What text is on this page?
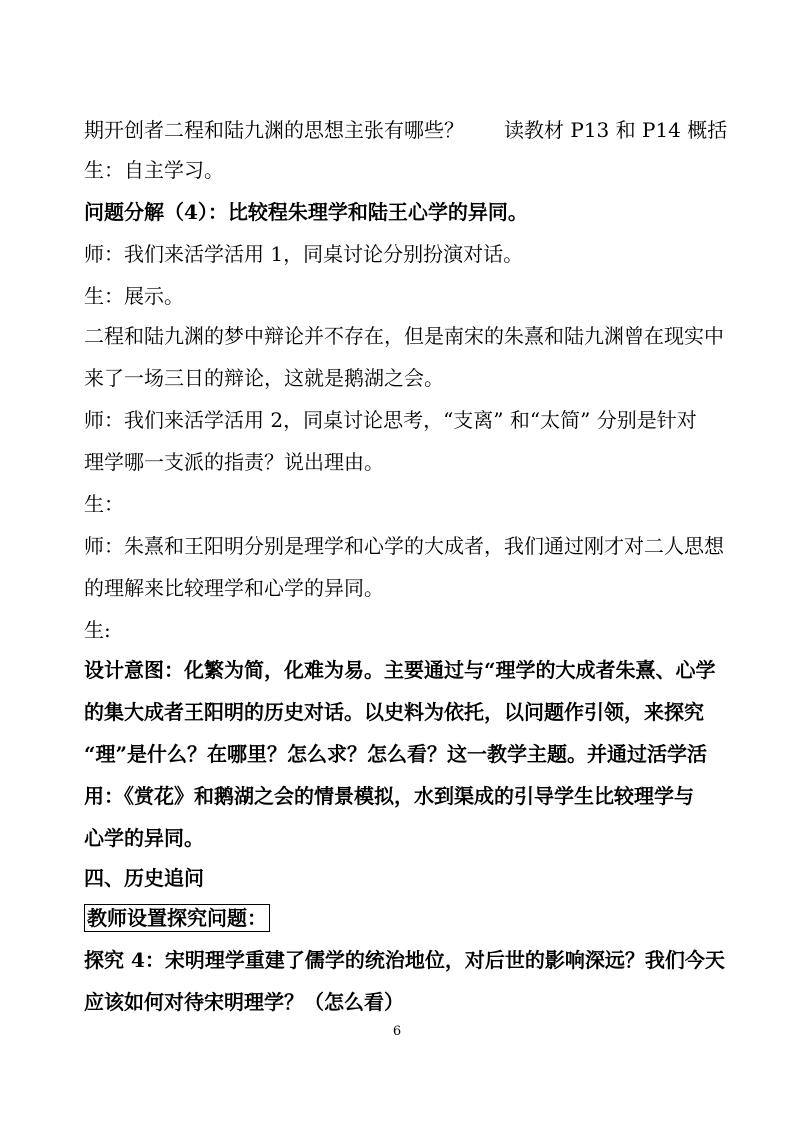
期开创者二程和陆九渊的思想主张有哪些？ 读教材 P13 和 P14 概括
生：自主学习。
问题分解（4）：比较程朱理学和陆王心学的异同。
师：我们来活学活用 1，同桌讨论分别扮演对话。
生：展示。
二程和陆九渊的梦中辩论并不存在，但是南宋的朱熹和陆九渊曾在现实中
来了一场三日的辩论，这就是鹅湖之会。
师：我们来活学活用 2，同桌讨论思考，“支离” 和“太简” 分别是针对
理学哪一支派的指责？说出理由。
生：
师：朱熹和王阳明分别是理学和心学的大成者，我们通过刚才对二人思想
的理解来比较理学和心学的异同。
生:
设计意图：化繁为简，化难为易。主要通过与“理学的大成者朱熹、心学
的集大成者王阳明的历史对话。以史料为依托，以问题作引领，来探究
“理”是什么？在哪里？怎么求？怎么看？这一教学主题。并通过活学活
用：《赏花》和鹅湖之会的情景模拟，水到渠成的引导学生比较理学与
心学的异同。
四、历史追问
教师设置探究问题：
探究 4：宋明理学重建了儒学的统治地位，对后世的影响深远？我们今天
应该如何对待宋明理学？（怎么看）
6
